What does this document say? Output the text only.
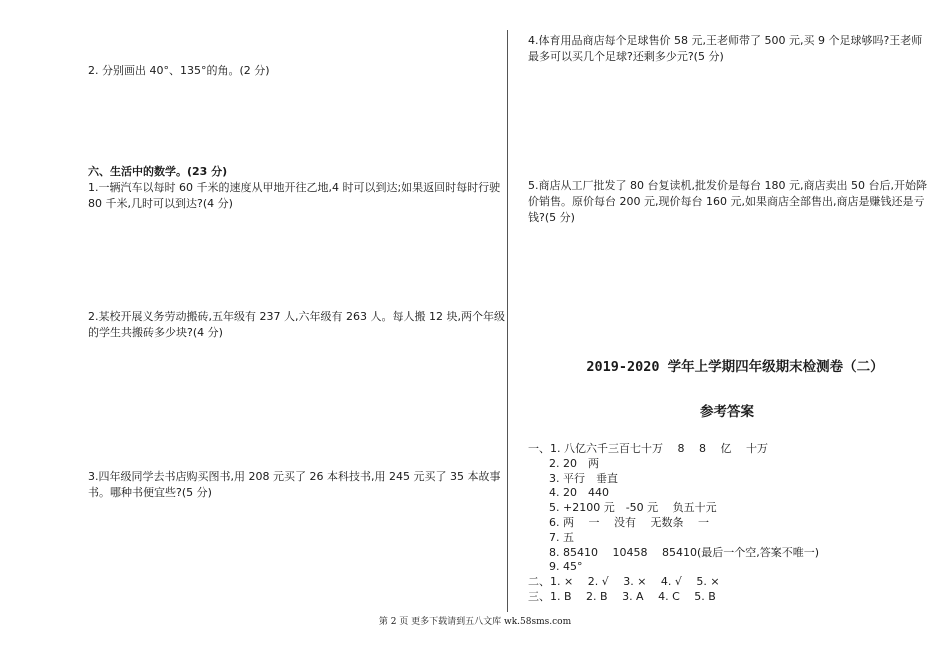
2. 分别画出 40°、135°的角。(2 分)
六、生活中的数学。(23 分)
1.一辆汽车以每时 60 千米的速度从甲地开往乙地,4 时可以到达;如果返回时每时行驶
80 千米,几时可以到达?(4 分)
2.某校开展义务劳动搬砖,五年级有 237 人,六年级有 263 人。每人搬 12 块,两个年级
的学生共搬砖多少块?(4 分)
3.四年级同学去书店购买图书,用 208 元买了 26 本科技书,用 245 元买了 35 本故事
书。哪种书便宜些?(5 分)
4.体育用品商店每个足球售价 58 元,王老师带了 500 元,买 9 个足球够吗?王老师
最多可以买几个足球?还剩多少元?(5 分)
5.商店从工厂批发了 80 台复读机,批发价是每台 180 元,商店卖出 50 台后,开始降
价销售。原价每台 200 元,现价每台 160 元,如果商店全部售出,商店是赚钱还是亏
钱?(5 分)
2019-2020 学年上学期四年级期末检测卷（二）
参考答案
一、1. 八亿六千三百七十万　 8　 8　 亿　 十万
2. 20　两
3. 平行　垂直
4. 20　440
5. +2100 元　-50 元　 负五十元
6. 两　 一　 没有　 无数条　 一
7. 五
8. 85410　 10458　 85410(最后一个空,答案不唯一)
9. 45°
二、1. ×　 2. √　 3. ×　 4. √　 5. ×
三、1. B　 2. B　 3. A　 4. C　 5. B
第 2 页 更多下载请到五八文库 wk.58sms.com
